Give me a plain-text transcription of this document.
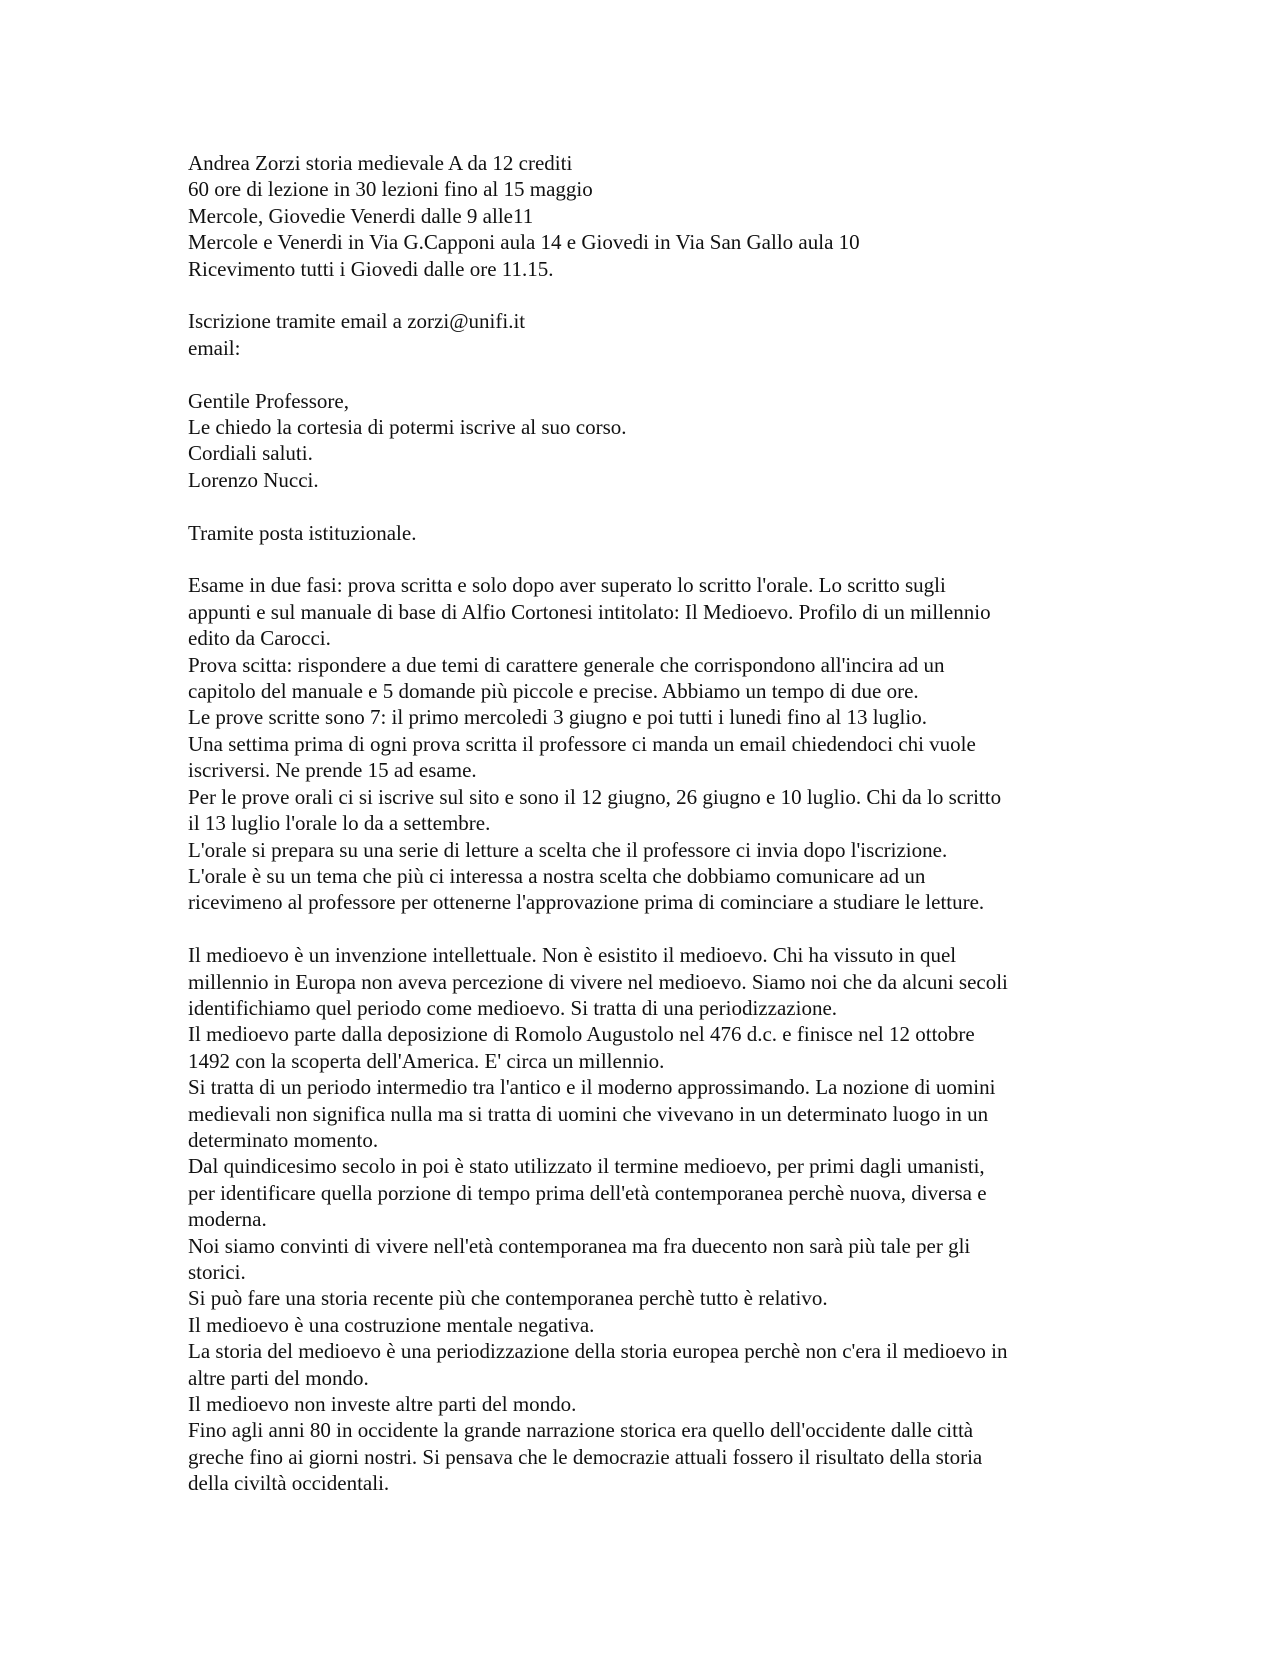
Andrea Zorzi storia medievale A da 12 crediti
60 ore di lezione in 30 lezioni fino al 15 maggio
Mercole, Giovedie Venerdi dalle 9 alle11
Mercole e Venerdi in Via G.Capponi aula 14 e Giovedi in Via San Gallo aula 10
Ricevimento tutti i Giovedi dalle ore 11.15.
Iscrizione tramite email a zorzi@unifi.it
email:
Gentile Professore,
Le chiedo la cortesia di potermi iscrive al suo corso.
Cordiali saluti.
Lorenzo Nucci.
Tramite posta istituzionale.
Esame in due fasi: prova scritta e solo dopo aver superato lo scritto l'orale. Lo scritto sugli
appunti e sul manuale di base di Alfio Cortonesi intitolato: Il Medioevo. Profilo di un millennio
edito da Carocci.
Prova scitta: rispondere a due temi di carattere generale che corrispondono all'incira ad un
capitolo del manuale e 5 domande più piccole e precise. Abbiamo un tempo di due ore.
Le prove scritte sono 7: il primo mercoledi 3 giugno e poi tutti i lunedi fino al 13 luglio.
Una settima prima di ogni prova scritta il professore ci manda un email chiedendoci chi vuole
iscriversi. Ne prende 15 ad esame.
Per le prove orali ci si iscrive sul sito e sono il 12 giugno, 26 giugno e 10 luglio. Chi da lo scritto
il 13 luglio l'orale lo da a settembre.
L'orale si prepara su una serie di letture a scelta che il professore ci invia dopo l'iscrizione.
L'orale è su un tema che più ci interessa a nostra scelta che dobbiamo comunicare ad un
ricevimeno al professore per ottenerne l'approvazione prima di cominciare a studiare le letture.
Il medioevo è un invenzione intellettuale. Non è esistito il medioevo. Chi ha vissuto in quel
millennio in Europa non aveva percezione di vivere nel medioevo. Siamo noi che da alcuni secoli
identifichiamo quel periodo come medioevo. Si tratta di una periodizzazione.
Il medioevo parte dalla deposizione di Romolo Augustolo nel 476 d.c. e finisce nel 12 ottobre
1492 con la scoperta dell'America. E' circa un millennio.
Si tratta di un periodo intermedio tra l'antico e il moderno approssimando. La nozione di uomini
medievali non significa nulla ma si tratta di uomini che vivevano in un determinato luogo in un
determinato momento.
Dal quindicesimo secolo in poi è stato utilizzato il termine medioevo, per primi dagli umanisti,
per identificare quella porzione di tempo prima dell'età contemporanea perchè nuova, diversa e
moderna.
Noi siamo convinti di vivere nell'età contemporanea ma fra duecento non sarà più tale per gli
storici.
Si può fare una storia recente più che contemporanea perchè tutto è relativo.
Il medioevo è una costruzione mentale negativa.
La storia del medioevo è una periodizzazione della storia europea perchè non c'era il medioevo in
altre parti del mondo.
Il medioevo non investe altre parti del mondo.
Fino agli anni 80 in occidente la grande narrazione storica era quello dell'occidente dalle città
greche fino ai giorni nostri. Si pensava che le democrazie attuali fossero il risultato della storia
della civiltà occidentali.
